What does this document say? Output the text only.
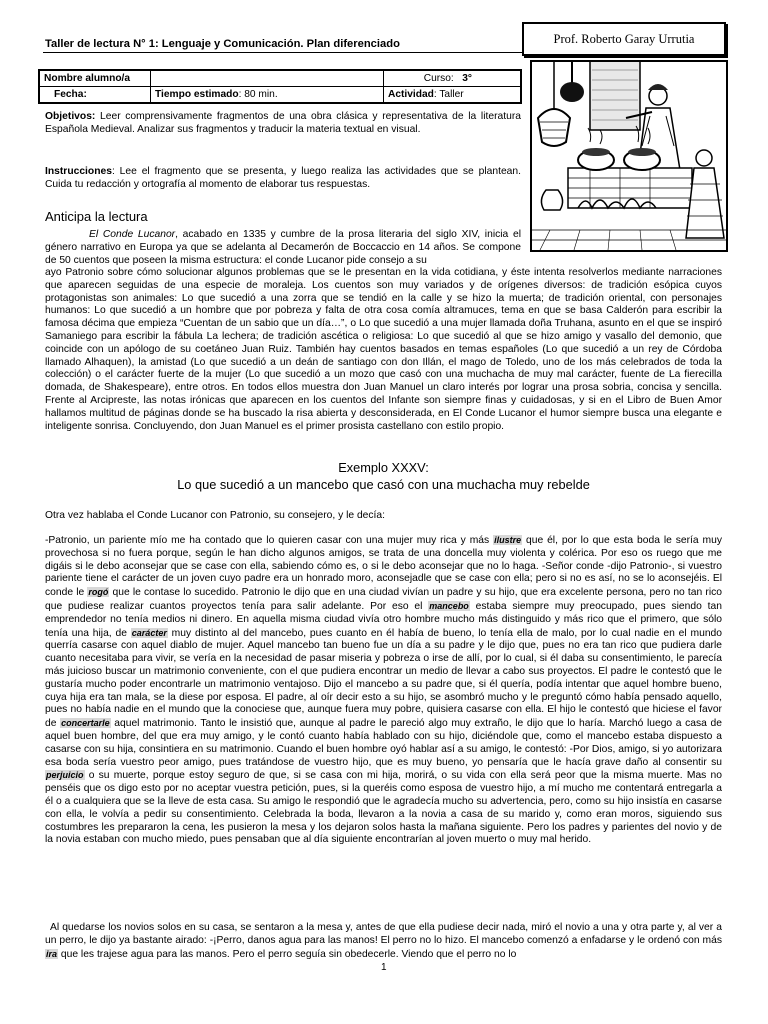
Taller de lectura N° 1: Lenguaje y Comunicación. Plan diferenciado	Prof. Roberto Garay Urrutia
Nombre alumno/a		Curso: 3°	
Fecha:	Tiempo estimado: 80 min.	Actividad: Taller	
Objetivos: Leer comprensivamente fragmentos de una obra clásica y representativa de la literatura Española Medieval. Analizar sus fragmentos y traducir la materia textual en visual.
Instrucciones: Lee el fragmento que se presenta, y luego realiza las actividades que se plantean. Cuida tu redacción y ortografía al momento de elaborar tus respuestas.
Anticipa la lectura
El Conde Lucanor, acabado en 1335 y cumbre de la prosa literaria del siglo XIV, inicia el género narrativo en Europa ya que se adelanta al Decamerón de Boccaccio en 14 años. Se compone de 50 cuentos que poseen la misma estructura: el conde Lucanor pide consejo a su
ayo Patronio sobre cómo solucionar algunos problemas que se le presentan en la vida cotidiana, y éste intenta resolverlos mediante narraciones que aparecen seguidas de una especie de moraleja. Los cuentos son muy variados y de orígenes diversos: de tradición esópica cuyos protagonistas son animales: Lo que sucedió a una zorra que se tendió en la calle y se hizo la muerta; de tradición oriental, con personajes humanos: Lo que sucedió a un hombre que por pobreza y falta de otra cosa comía altramuces, tema en que se basa Calderón para escribir la famosa décima que empieza “Cuentan de un sabio que un día…”, o Lo que sucedió a una mujer llamada doña Truhana, asunto en el que se inspiró Samaniego para escribir la fábula La lechera; de tradición ascética o religiosa: Lo que sucedió al que se hizo amigo y vasallo del demonio, que coincide con un apólogo de su coetáneo Juan Ruiz. También hay cuentos basados en temas españoles (Lo que sucedió a un rey de Córdoba llamado Alhaquen), la amistad (Lo que sucedió a un deán de santiago con don Illán, el mago de Toledo, uno de los más celebrados de toda la colección) o el carácter fuerte de la mujer (Lo que sucedió a un mozo que casó con una muchacha de muy mal carácter, fuente de La fierecilla domada, de Shakespeare), entre otros. En todos ellos muestra don Juan Manuel un claro interés por lograr una prosa sobria, concisa y sencilla. Frente al Arcipreste, las notas irónicas que aparecen en los cuentos del Infante son siempre finas y cuidadosas, y si en el Libro de Buen Amor hallamos multitud de páginas donde se ha buscado la risa abierta y desconsiderada, en El Conde Lucanor el humor siempre busca una elegante e inteligente sonrisa. Concluyendo, don Juan Manuel es el primer prosista castellano con estilo propio.
Exemplo XXXV:
Lo que sucedió a un mancebo que casó con una muchacha muy rebelde
Otra vez hablaba el Conde Lucanor con Patronio, su consejero, y le decía:
-Patronio, un pariente mío me ha contado que lo quieren casar con una mujer muy rica y más ilustre que él, por lo que esta boda le sería muy provechosa si no fuera porque, según le han dicho algunos amigos, se trata de una doncella muy violenta y colérica. Por eso os ruego que me digáis si le debo aconsejar que se case con ella, sabiendo cómo es, o si le debo aconsejar que no lo haga. -Señor conde -dijo Patronio-, si vuestro pariente tiene el carácter de un joven cuyo padre era un honrado moro, aconsejadle que se case con ella; pero si no es así, no se lo aconsejéis. El conde le rogó que le contase lo sucedido. Patronio le dijo que en una ciudad vivían un padre y su hijo, que era excelente persona, pero no tan rico que pudiese realizar cuantos proyectos tenía para salir adelante. Por eso el mancebo estaba siempre muy preocupado, pues siendo tan emprendedor no tenía medios ni dinero. En aquella misma ciudad vivía otro hombre mucho más distinguido y más rico que el primero, que sólo tenía una hija, de carácter muy distinto al del mancebo, pues cuanto en él había de bueno, lo tenía ella de malo, por lo cual nadie en el mundo querría casarse con aquel diablo de mujer. Aquel mancebo tan bueno fue un día a su padre y le dijo que, pues no era tan rico que pudiera darle cuanto necesitaba para vivir, se vería en la necesidad de pasar miseria y pobreza o irse de allí, por lo cual, si él daba su consentimiento, le parecía más juicioso buscar un matrimonio conveniente, con el que pudiera encontrar un medio de llevar a cabo sus proyectos. El padre le contestó que le gustaría mucho poder encontrarle un matrimonio ventajoso. Dijo el mancebo a su padre que, si él quería, podía intentar que aquel hombre bueno, cuya hija era tan mala, se la diese por esposa. El padre, al oír decir esto a su hijo, se asombró mucho y le preguntó cómo había pensado aquello, pues no había nadie en el mundo que la conociese que, aunque fuera muy pobre, quisiera casarse con ella. El hijo le contestó que hiciese el favor de concertarle aquel matrimonio. Tanto le insistió que, aunque al padre le pareció algo muy extraño, le dijo que lo haría. Marchó luego a casa de aquel buen hombre, del que era muy amigo, y le contó cuanto había hablado con su hijo, diciéndole que, como el mancebo estaba dispuesto a casarse con su hija, consintiera en su matrimonio. Cuando el buen hombre oyó hablar así a su amigo, le contestó: -Por Dios, amigo, si yo autorizara esa boda sería vuestro peor amigo, pues tratándose de vuestro hijo, que es muy bueno, yo pensaría que le hacía grave daño al consentir su perjuicio o su muerte, porque estoy seguro de que, si se casa con mi hija, morirá, o su vida con ella será peor que la misma muerte. Mas no penséis que os digo esto por no aceptar vuestra petición, pues, si la queréis como esposa de vuestro hijo, a mí mucho me contentará entregarla a él o a cualquiera que se la lleve de esta casa. Su amigo le respondió que le agradecía mucho su advertencia, pero, como su hijo insistía en casarse con ella, le volvía a pedir su consentimiento. Celebrada la boda, llevaron a la novia a casa de su marido y, como eran moros, siguiendo sus costumbres les prepararon la cena, les pusieron la mesa y los dejaron solos hasta la mañana siguiente. Pero los padres y parientes del novio y de la novia estaban con mucho miedo, pues pensaban que al día siguiente encontrarían al joven muerto o muy mal herido.
Al quedarse los novios solos en su casa, se sentaron a la mesa y, antes de que ella pudiese decir nada, miró el novio a una y otra parte y, al ver a un perro, le dijo ya bastante airado: -¡Perro, danos agua para las manos! El perro no lo hizo. El mancebo comenzó a enfadarse y le ordenó con más ira que les trajese agua para las manos. Pero el perro seguía sin obedecerle. Viendo que el perro no lo
1
